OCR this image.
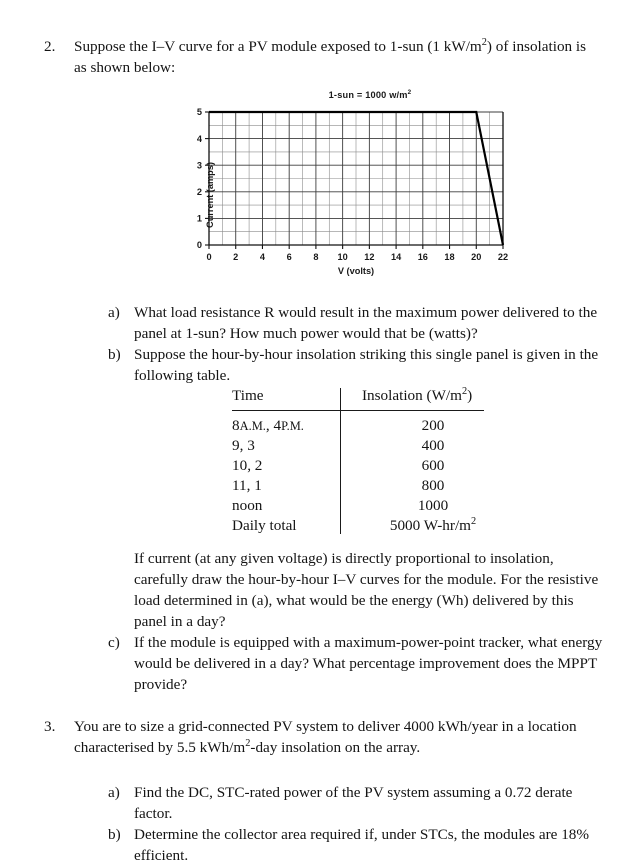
2.	Suppose the I–V curve for a PV module exposed to 1-sun (1 $kW/m^2$) of insolation is as shown below:
1-sun = 1000 $w/m^2$
Current (amps)
V (volts)
0 2 4 6 8 10 12 14 16 18 20 22
0
1
2
3
4
5
a) What load resistance R would result in the maximum power delivered to the panel at 1-sun? How much power would that be (watts)?
b) Suppose the hour-by-hour insolation striking this single panel is given in the following table.
Time	Insolation $(W/m^2)$
8A.M., 4P.M.	200
9, 3	400
10, 2	600
11, 1	800
noon	1000
Daily total	5000 $W-hr/m^2$
If current (at any given voltage) is directly proportional to insolation, carefully draw the hour-by-hour I–V curves for the module. For the resistive load determined in (a), what would be the energy (Wh) delivered by this panel in a day?
c) If the module is equipped with a maximum-power-point tracker, what energy would be delivered in a day? What percentage improvement does the MPPT provide?
3.	You are to size a grid-connected PV system to deliver 4000 kWh/year in a location characterised by 5.5 kWh/$m^2$-day insolation on the array.
a) Find the DC, STC-rated power of the PV system assuming a 0.72 derate factor.
b) Determine the collector area required if, under STCs, the modules are 18% efficient.
